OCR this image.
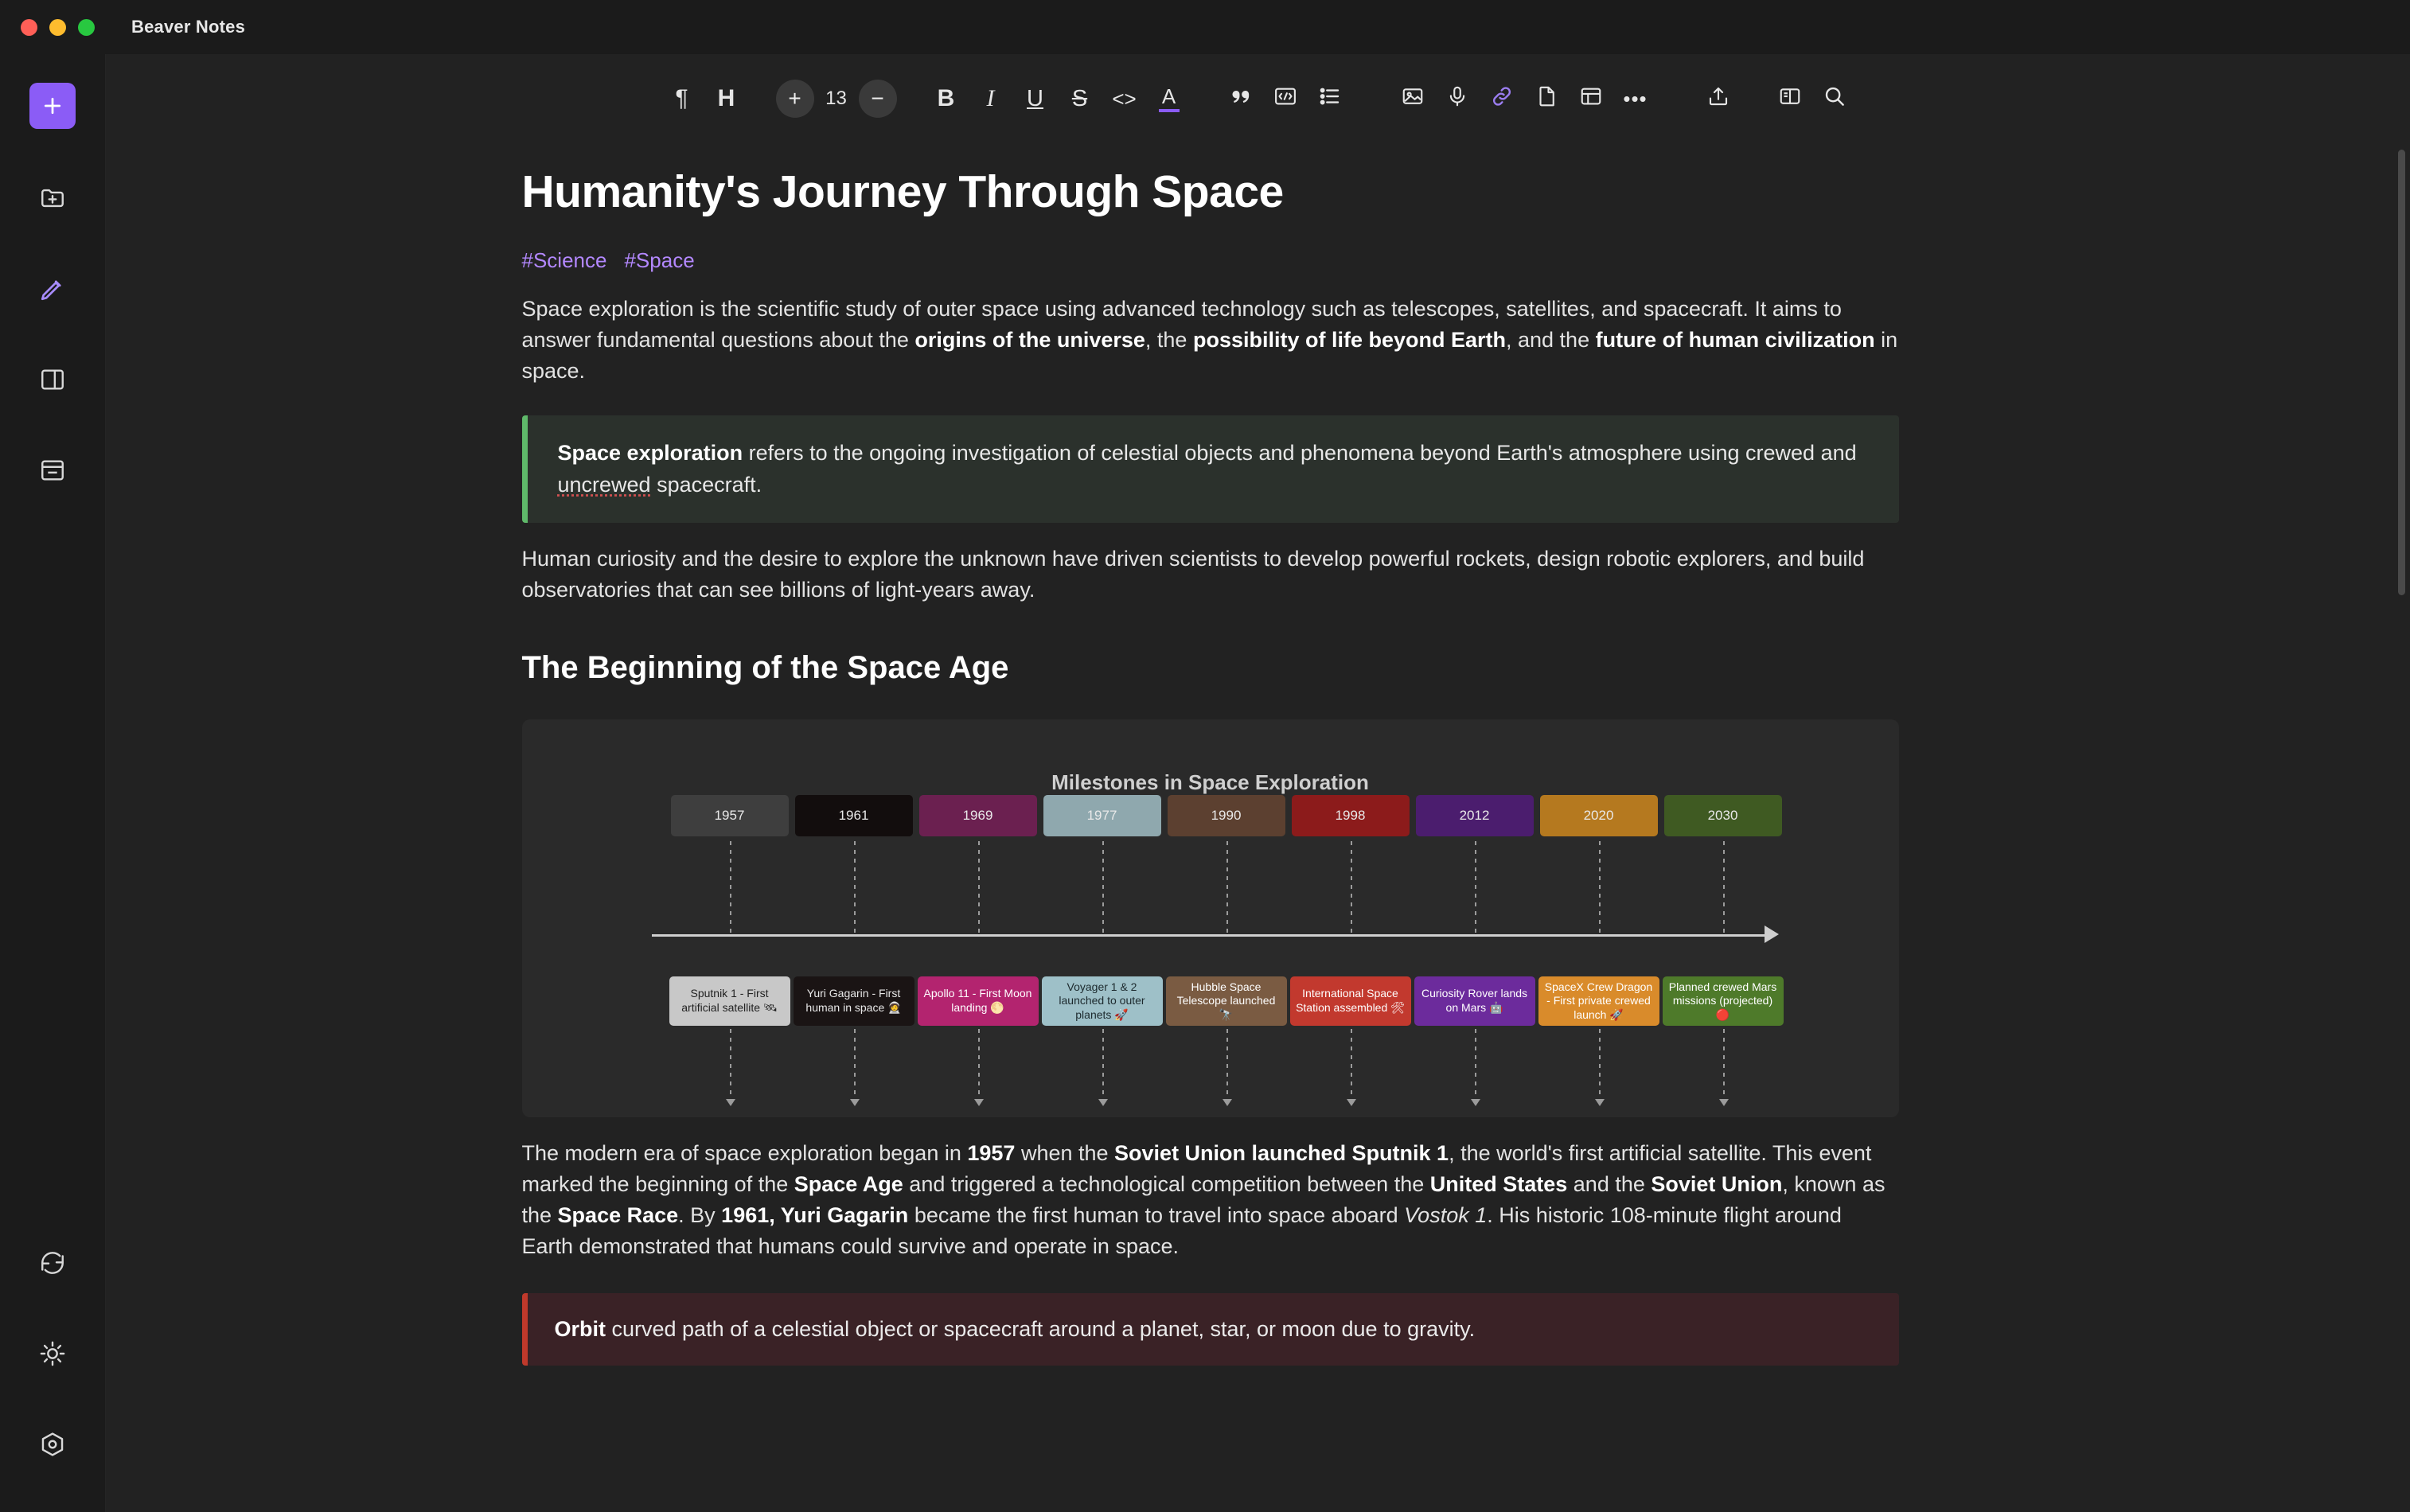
Beaver Notes
¶	H	+	13	−	B	I	U	S	<>	A	•••
Humanity's Journey Through Space
#Science #Space

Space exploration is the scientific study of outer space using advanced technology such as telescopes, satellites, and spacecraft. It aims to answer fundamental questions about the origins of the universe, the possibility of life beyond Earth, and the future of human civilization in space.

Space exploration refers to the ongoing investigation of celestial objects and phenomena beyond Earth's atmosphere using crewed and uncrewed spacecraft.

Human curiosity and the desire to explore the unknown have driven scientists to develop powerful rockets, design robotic explorers, and build observatories that can see billions of light-years away.

The Beginning of the Space Age
Milestones in Space Exploration
1957
Sputnik 1 - First artificial satellite 🛰
1961
Yuri Gagarin - First human in space 🧑‍🚀
1969
Apollo 11 - First Moon landing 🌕
1977
Voyager 1 & 2 launched to outer planets 🚀
1990
Hubble Space Telescope launched 🔭
1998
International Space Station assembled 🛠
2012
Curiosity Rover lands on Mars 🤖
2020
SpaceX Crew Dragon - First private crewed launch 🚀
2030
Planned crewed Mars missions (projected) 🔴

The modern era of space exploration began in 1957 when the Soviet Union launched Sputnik 1, the world's first artificial satellite. This event marked the beginning of the Space Age and triggered a technological competition between the United States and the Soviet Union, known as the Space Race. By 1961, Yuri Gagarin became the first human to travel into space aboard Vostok 1. His historic 108-minute flight around Earth demonstrated that humans could survive and operate in space.

Orbit curved path of a celestial object or spacecraft around a planet, star, or moon due to gravity.
